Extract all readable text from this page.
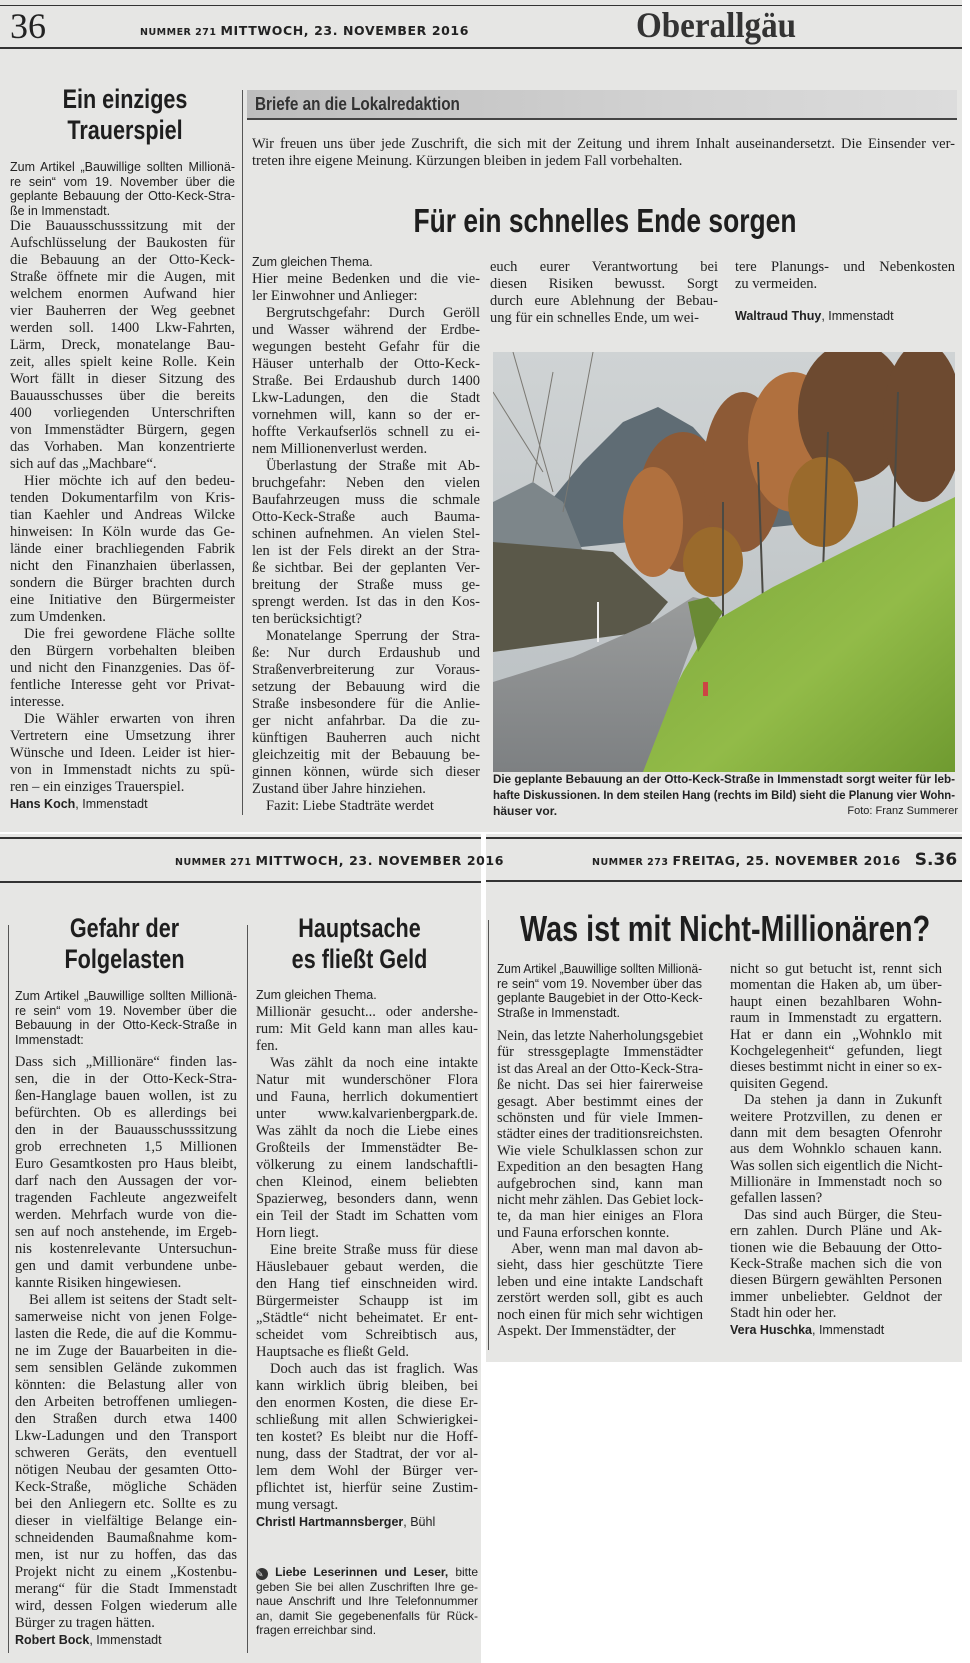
36	NUMMER 271 MITTWOCH, 23. NOVEMBER 2016	Oberallgäu
Ein einziges
Trauerspiel
Zum Artikel „Bauwillige sollten Millionä-
re sein“ vom 19. November über die
geplante Bebauung der Otto-Keck-Stra-
ße in Immenstadt.
Die Bauausschusssitzung mit der
Aufschlüsselung der Baukosten für
die Bebauung an der Otto-Keck-
Straße öffnete mir die Augen, mit
welchem enormen Aufwand hier
vier Bauherren der Weg geebnet
werden soll. 1400 Lkw-Fahrten,
Lärm, Dreck, monatelange Bau-
zeit, alles spielt keine Rolle. Kein
Wort fällt in dieser Sitzung des
Bauausschusses über die bereits
400 vorliegenden Unterschriften
von Immenstädter Bürgern, gegen
das Vorhaben. Man konzentrierte
sich auf das „Machbare“.
Hier möchte ich auf den bedeu-
tenden Dokumentarfilm von Kris-
tian Kaehler und Andreas Wilcke
hinweisen: In Köln wurde das Ge-
lände einer brachliegenden Fabrik
nicht den Finanzhaien überlassen,
sondern die Bürger brachten durch
eine Initiative den Bürgermeister
zum Umdenken.
Die frei gewordene Fläche sollte
den Bürgern vorbehalten bleiben
und nicht den Finanzgenies. Das öf-
fentliche Interesse geht vor Privat-
interesse.
Die Wähler erwarten von ihren
Vertretern eine Umsetzung ihrer
Wünsche und Ideen. Leider ist hier-
von in Immenstadt nichts zu spü-
ren – ein einziges Trauerspiel.
Hans Koch, Immenstadt
Briefe an die Lokalredaktion
Wir freuen uns über jede Zuschrift, die sich mit der Zeitung und ihrem Inhalt auseinandersetzt. Die Einsender ver-
treten ihre eigene Meinung. Kürzungen bleiben in jedem Fall vorbehalten.
Für ein schnelles Ende sorgen
Zum gleichen Thema.
Hier meine Bedenken und die vie-
ler Einwohner und Anlieger:
Bergrutschgefahr: Durch Geröll
und Wasser während der Erdbe-
wegungen besteht Gefahr für die
Häuser unterhalb der Otto-Keck-
Straße. Bei Erdaushub durch 1400
Lkw-Ladungen, den die Stadt
vornehmen will, kann so der er-
hoffte Verkaufserlös schnell zu ei-
nem Millionenverlust werden.
Überlastung der Straße mit Ab-
bruchgefahr: Neben den vielen
Baufahrzeugen muss die schmale
Otto-Keck-Straße auch Bauma-
schinen aufnehmen. An vielen Stel-
len ist der Fels direkt an der Stra-
ße sichtbar. Bei der geplanten Ver-
breitung der Straße muss ge-
sprengt werden. Ist das in den Kos-
ten berücksichtigt?
Monatelange Sperrung der Stra-
ße: Nur durch Erdaushub und
Straßenverbreiterung zur Voraus-
setzung der Bebauung wird die
Straße insbesondere für die Anlie-
ger nicht anfahrbar. Da die zu-
künftigen Bauherren auch nicht
gleichzeitig mit der Bebauung be-
ginnen können, würde sich dieser
Zustand über Jahre hinziehen.
Fazit: Liebe Stadträte werdet
euch eurer Verantwortung bei
diesen Risiken bewusst. Sorgt
durch eure Ablehnung der Bebau-
ung für ein schnelles Ende, um wei-
tere Planungs- und Nebenkosten
zu vermeiden.
Waltraud Thuy, Immenstadt
Die geplante Bebauung an der Otto-Keck-Straße in Immenstadt sorgt weiter für leb-
hafte Diskussionen. In dem steilen Hang (rechts im Bild) sieht die Planung vier Wohn-
häuser vor.	Foto: Franz Summerer
NUMMER 271 MITTWOCH, 23. NOVEMBER 2016	NUMMER 273 FREITAG, 25. NOVEMBER 2016 S.36
Gefahr der
Folgelasten
Zum Artikel „Bauwillige sollten Millionä-
re sein“ vom 19. November über die
Bebauung in der Otto-Keck-Straße in
Immenstadt:
Dass sich „Millionäre“ finden las-
sen, die in der Otto-Keck-Stra-
ßen-Hanglage bauen wollen, ist zu
befürchten. Ob es allerdings bei
den in der Bauausschusssitzung
grob errechneten 1,5 Millionen
Euro Gesamtkosten pro Haus bleibt,
darf nach den Aussagen der vor-
tragenden Fachleute angezweifelt
werden. Mehrfach wurde von die-
sen auf noch anstehende, im Ergeb-
nis kostenrelevante Untersuchun-
gen und damit verbundene unbe-
kannte Risiken hingewiesen.
Bei allem ist seitens der Stadt selt-
samerweise nicht von jenen Folge-
lasten die Rede, die auf die Kommu-
ne im Zuge der Bauarbeiten in die-
sem sensiblen Gelände zukommen
könnten: die Belastung aller von
den Arbeiten betroffenen umliegen-
den Straßen durch etwa 1400
Lkw-Ladungen und den Transport
schweren Geräts, den eventuell
nötigen Neubau der gesamten Otto-
Keck-Straße, mögliche Schäden
bei den Anliegern etc. Sollte es zu
dieser in vielfältige Belange ein-
schneidenden Baumaßnahme kom-
men, ist nur zu hoffen, das das
Projekt nicht zu einem „Kostenbu-
merang“ für die Stadt Immenstadt
wird, dessen Folgen wiederum alle
Bürger zu tragen hätten.
Robert Bock, Immenstadt
Hauptsache
es fließt Geld
Zum gleichen Thema.
Millionär gesucht... oder andershe-
rum: Mit Geld kann man alles kau-
fen.
Was zählt da noch eine intakte
Natur mit wunderschöner Flora
und Fauna, herrlich dokumentiert
unter www.kalvarienbergpark.de.
Was zählt da noch die Liebe eines
Großteils der Immenstädter Be-
völkerung zu einem landschaftli-
chen Kleinod, einem beliebten
Spazierweg, besonders dann, wenn
ein Teil der Stadt im Schatten vom
Horn liegt.
Eine breite Straße muss für diese
Häuslebauer gebaut werden, die
den Hang tief einschneiden wird.
Bürgermeister Schaupp ist im
„Städtle“ nicht beheimatet. Er ent-
scheidet vom Schreibtisch aus,
Hauptsache es fließt Geld.
Doch auch das ist fraglich. Was
kann wirklich übrig bleiben, bei
den enormen Kosten, die diese Er-
schließung mit allen Schwierigkei-
ten kostet? Es bleibt nur die Hoff-
nung, dass der Stadtrat, der vor al-
lem dem Wohl der Bürger ver-
pflichtet ist, hierfür seine Zustim-
mung versagt.
Christl Hartmannsberger, Bühl
✎ Liebe Leserinnen und Leser, bitte
geben Sie bei allen Zuschriften Ihre ge-
naue Anschrift und Ihre Telefonnummer
an, damit Sie gegebenenfalls für Rück-
fragen erreichbar sind.
Was ist mit Nicht-Millionären?
Zum Artikel „Bauwillige sollten Millionä-
re sein“ vom 19. November über das
geplante Baugebiet in der Otto-Keck-
Straße in Immenstadt.
Nein, das letzte Naherholungsgebiet
für stressgeplagte Immenstädter
ist das Areal an der Otto-Keck-Stra-
ße nicht. Das sei hier fairerweise
gesagt. Aber bestimmt eines der
schönsten und für viele Immen-
städter eines der traditionsreichsten.
Wie viele Schulklassen schon zur
Expedition an den besagten Hang
aufgebrochen sind, kann man
nicht mehr zählen. Das Gebiet lock-
te, da man hier einiges an Flora
und Fauna erforschen konnte.
Aber, wenn man mal davon ab-
sieht, dass hier geschützte Tiere
leben und eine intakte Landschaft
zerstört werden soll, gibt es auch
noch einen für mich sehr wichtigen
Aspekt. Der Immenstädter, der
nicht so gut betucht ist, rennt sich
momentan die Haken ab, um über-
haupt einen bezahlbaren Wohn-
raum in Immenstadt zu ergattern.
Hat er dann ein „Wohnklo mit
Kochgelegenheit“ gefunden, liegt
dieses bestimmt nicht in einer so ex-
quisiten Gegend.
Da stehen ja dann in Zukunft
weitere Protzvillen, zu denen er
dann mit dem besagten Ofenrohr
aus dem Wohnklo schauen kann.
Was sollen sich eigentlich die Nicht-
Millionäre in Immenstadt noch so
gefallen lassen?
Das sind auch Bürger, die Steu-
ern zahlen. Durch Pläne und Ak-
tionen wie die Bebauung der Otto-
Keck-Straße machen sich die von
diesen Bürgern gewählten Personen
immer unbeliebter. Geldnot der
Stadt hin oder her.
Vera Huschka, Immenstadt
